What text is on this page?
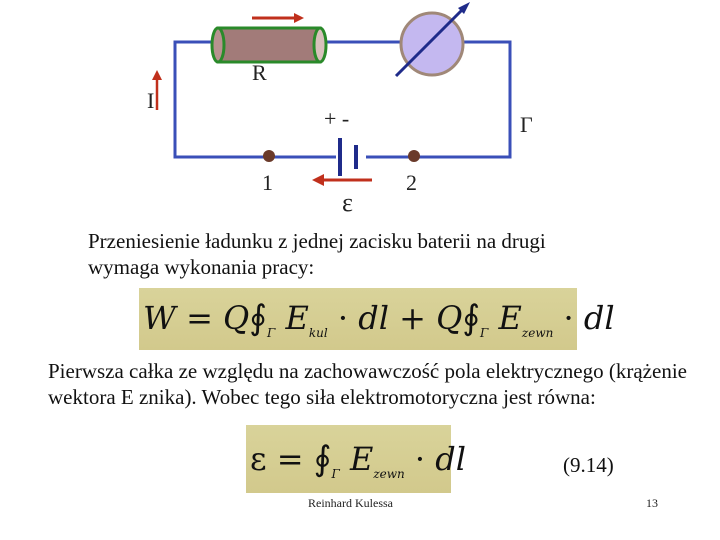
R
I
+ -	Γ
1	2
ε
Przeniesienie ładunku z jednej zacisku baterii na drugi wymaga wykonania pracy:
$W = Q∮_\Gamma$ $E_{kul}$ · dl + $Q∮_\Gamma$ $E_{zewn}$ · dl
Pierwsza całka ze względu na zachowawczość pola elektrycznego (krążenie wektora E znika). Wobec tego siła elektromotoryczna jest równa:
$\varepsilon = ∮_\Gamma$ $E_{zewn}$ · dl	(9.14)
Reinhard Kulessa	13
